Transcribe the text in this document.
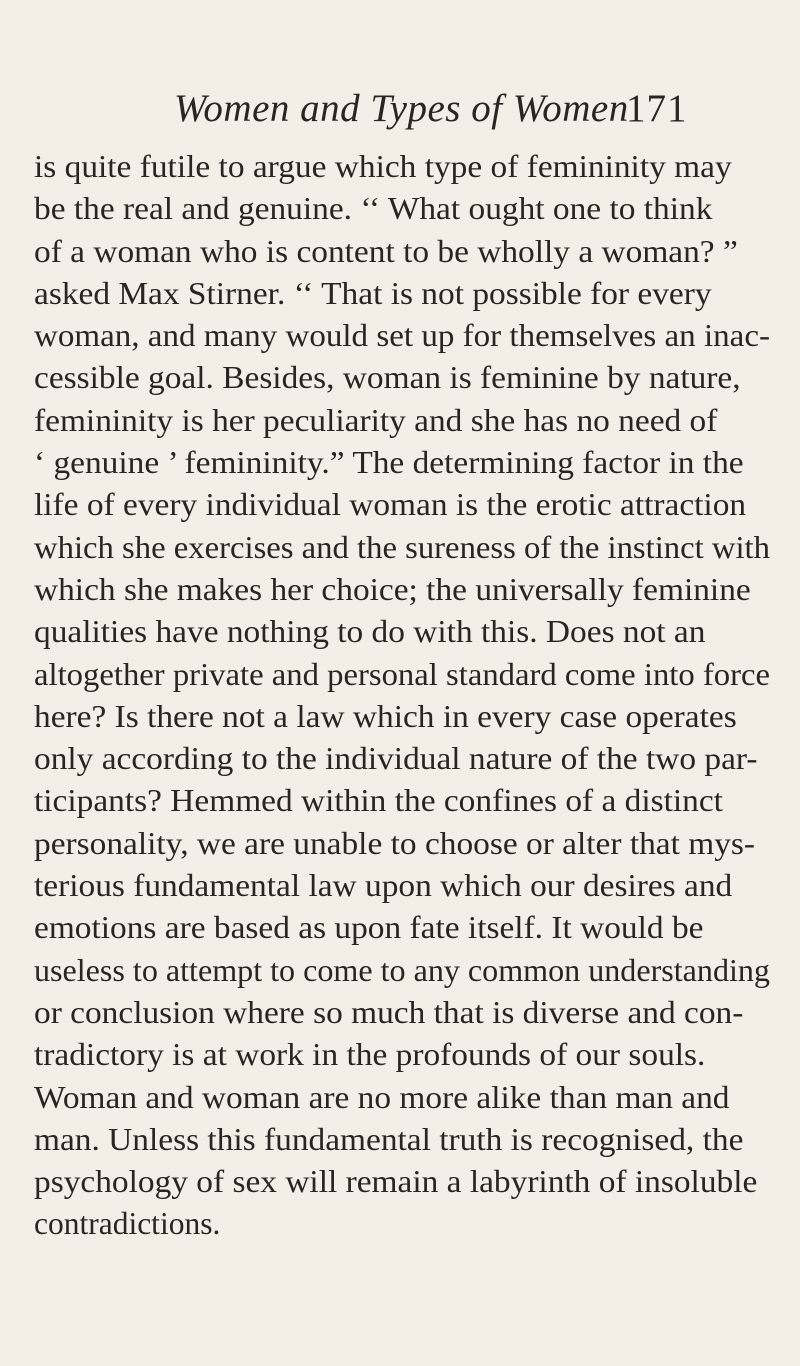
Women and Types of Women
171
is quite futile to argue which type of femininity may
be the real and genuine. ‘‘ What ought one to think
of a woman who is content to be wholly a woman? ”
asked Max Stirner. ‘‘ That is not possible for every
woman, and many would set up for themselves an inac-
cessible goal. Besides, woman is feminine by nature,
femininity is her peculiarity and she has no need of
‘ genuine ’ femininity.” The determining factor in the
life of every individual woman is the erotic attraction
which she exercises and the sureness of the instinct with
which she makes her choice; the universally feminine
qualities have nothing to do with this. Does not an
altogether private and personal standard come into force
here? Is there not a law which in every case operates
only according to the individual nature of the two par-
ticipants? Hemmed within the confines of a distinct
personality, we are unable to choose or alter that mys-
terious fundamental law upon which our desires and
emotions are based as upon fate itself. It would be
useless to attempt to come to any common understanding
or conclusion where so much that is diverse and con-
tradictory is at work in the profounds of our souls.
Woman and woman are no more alike than man and
man. Unless this fundamental truth is recognised, the
psychology of sex will remain a labyrinth of insoluble
contradictions.
